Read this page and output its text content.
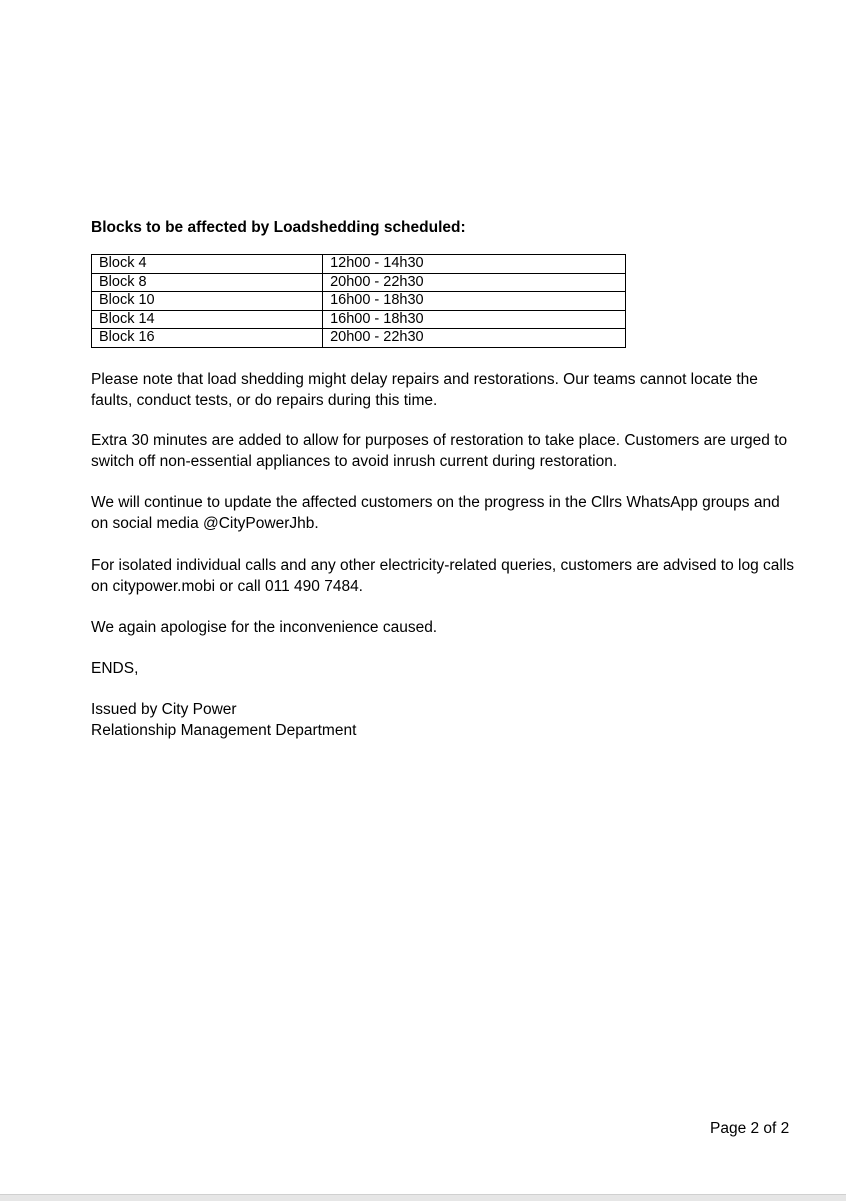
Blocks to be affected by Loadshedding scheduled:

Block 4	12h00 - 14h30
Block 8	20h00 - 22h30
Block 10	16h00 - 18h30
Block 14	16h00 - 18h30
Block 16	20h00 - 22h30

Please note that load shedding might delay repairs and restorations. Our teams cannot locate the faults, conduct tests, or do repairs during this time.

Extra 30 minutes are added to allow for purposes of restoration to take place. Customers are urged to switch off non-essential appliances to avoid inrush current during restoration.

We will continue to update the affected customers on the progress in the Cllrs WhatsApp groups and on social media @CityPowerJhb.

For isolated individual calls and any other electricity-related queries, customers are advised to log calls on citypower.mobi or call 011 490 7484.

We again apologise for the inconvenience caused.

ENDS,

Issued by City Power

Relationship Management Department

Page 2 of 2
